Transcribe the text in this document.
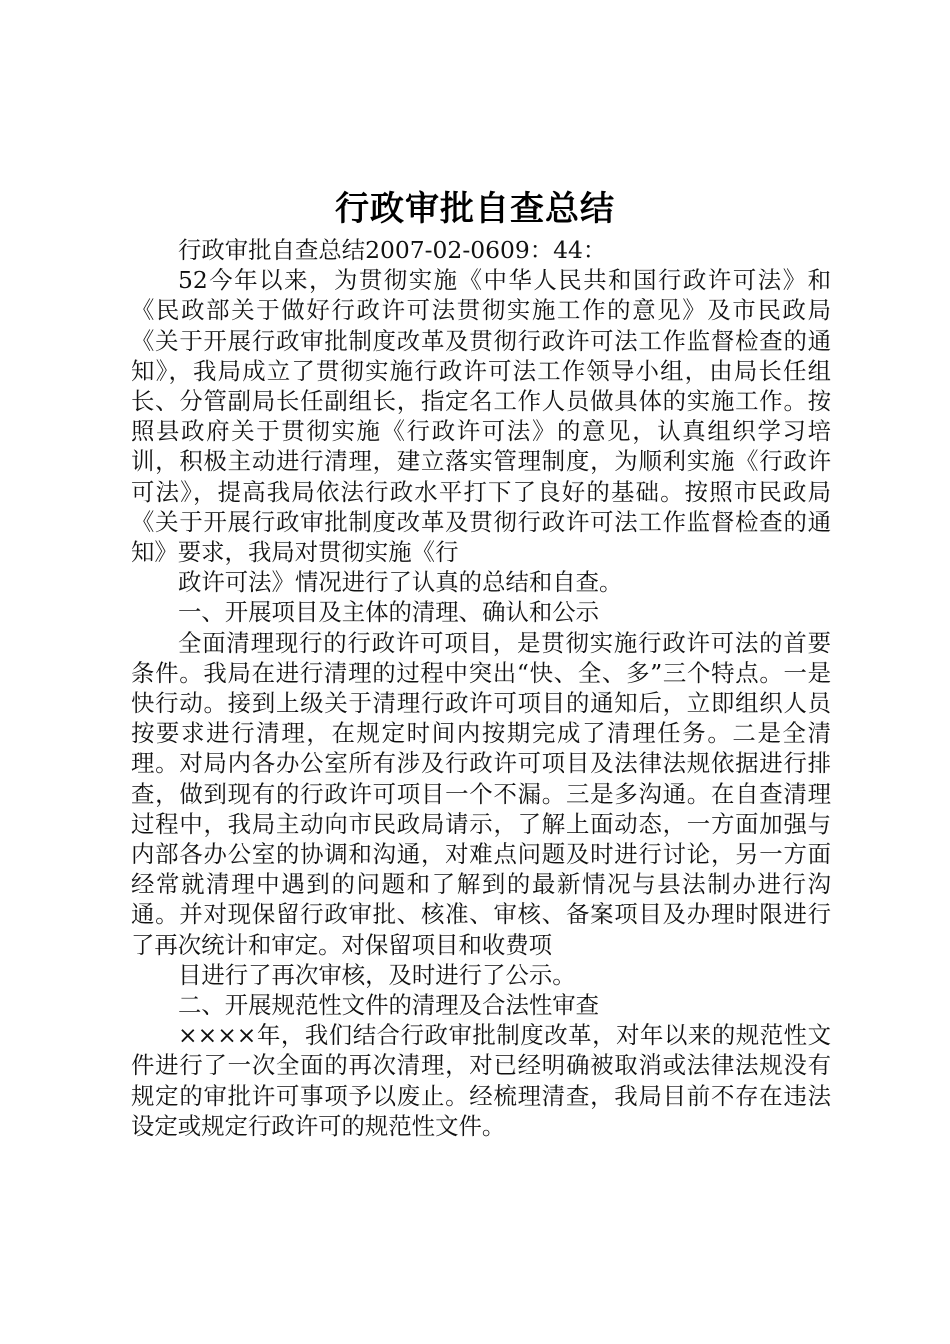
行政审批自查总结

行政审批自查总结2007-02-0609：44：

52今年以来，为贯彻实施《中华人民共和国行政许可法》和《民政部关于做好行政许可法贯彻实施工作的意见》及市民政局《关于开展行政审批制度改革及贯彻行政许可法工作监督检查的通知》，我局成立了贯彻实施行政许可法工作领导小组，由局长任组长、分管副局长任副组长，指定名工作人员做具体的实施工作。按照县政府关于贯彻实施《行政许可法》的意见，认真组织学习培训，积极主动进行清理，建立落实管理制度，为顺利实施《行政许可法》，提高我局依法行政水平打下了良好的基础。按照市民政局《关于开展行政审批制度改革及贯彻行政许可法工作监督检查的通知》要求，我局对贯彻实施《行

政许可法》情况进行了认真的总结和自查。

一、开展项目及主体的清理、确认和公示

全面清理现行的行政许可项目，是贯彻实施行政许可法的首要条件。我局在进行清理的过程中突出“快、全、多”三个特点。一是快行动。接到上级关于清理行政许可项目的通知后，立即组织人员按要求进行清理，在规定时间内按期完成了清理任务。二是全清理。对局内各办公室所有涉及行政许可项目及法律法规依据进行排查，做到现有的行政许可项目一个不漏。三是多沟通。在自查清理过程中，我局主动向市民政局请示，了解上面动态，一方面加强与内部各办公室的协调和沟通，对难点问题及时进行讨论，另一方面经常就清理中遇到的问题和了解到的最新情况与县法制办进行沟通。并对现保留行政审批、核准、审核、备案项目及办理时限进行了再次统计和审定。对保留项目和收费项

目进行了再次审核，及时进行了公示。

二、开展规范性文件的清理及合法性审查

××××年，我们结合行政审批制度改革，对年以来的规范性文件进行了一次全面的再次清理，对已经明确被取消或法律法规没有规定的审批许可事项予以废止。经梳理清查，我局目前不存在违法设定或规定行政许可的规范性文件。
